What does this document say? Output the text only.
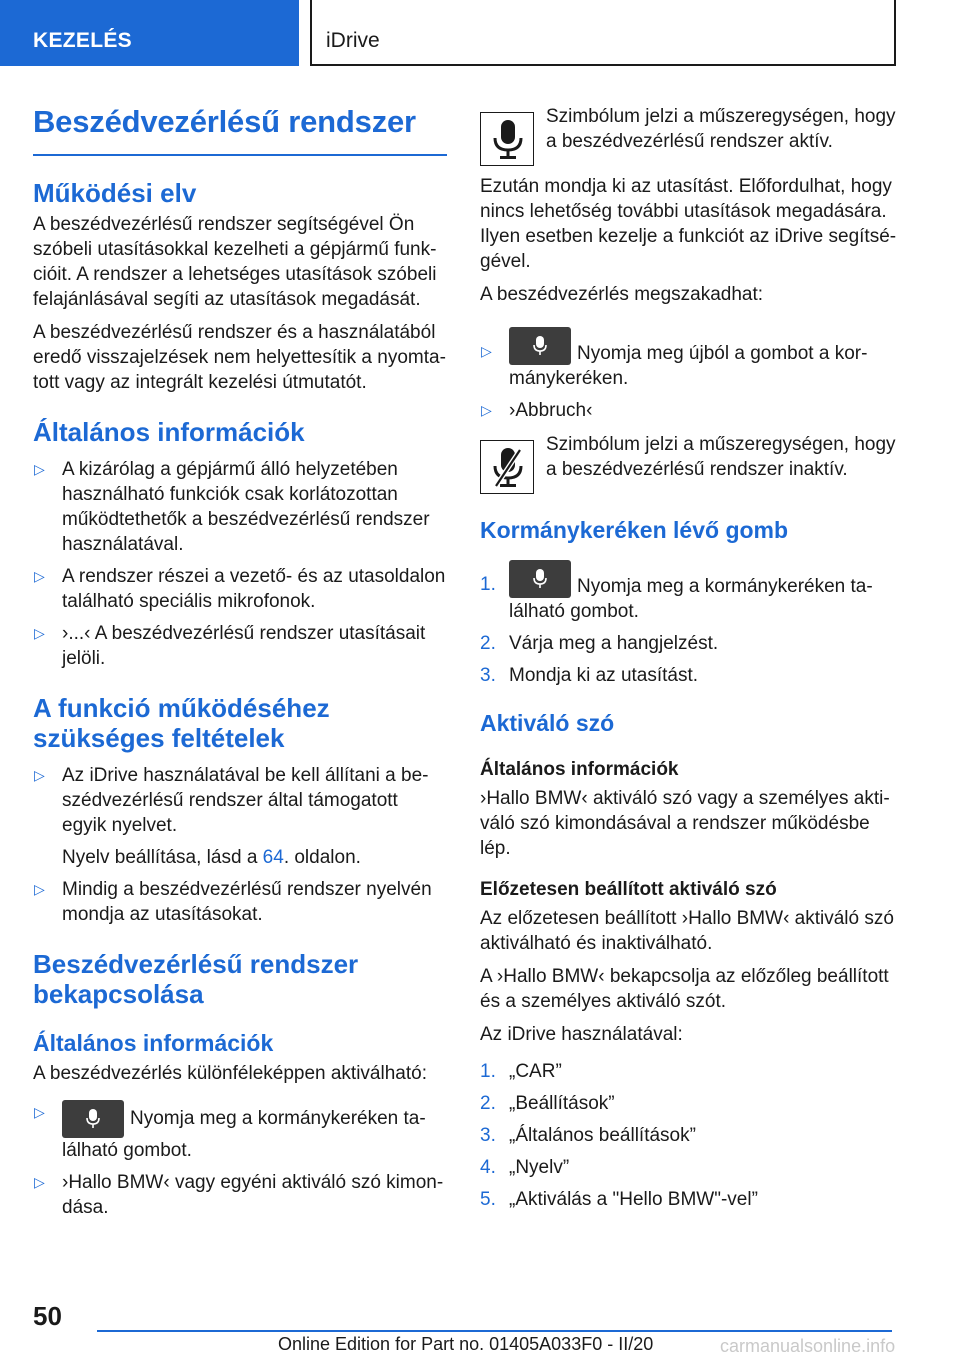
KEZELÉS	iDrive
Beszédvezérlésű rendszer
Működési elv

A beszédvezérlésű rendszer segítségével Ön szóbeli utasításokkal kezelheti a gépjármű funkcióit. A rendszer a lehetséges utasítások szóbeli felajánlásával segíti az utasítások megadását.

A beszédvezérlésű rendszer és a használatából eredő visszajelzések nem helyettesítik a nyomtatott vagy az integrált kezelési útmutatót.

Általános információk
▷ A kizárólag a gépjármű álló helyzetében használható funkciók csak korlátozottan működtethetők a beszédvezérlésű rendszer használatával.
▷ A rendszer részei a vezető- és az utasoldalon található speciális mikrofonok.
▷ ›...‹ A beszédvezérlésű rendszer utasításait jelöli.
A funkció működéséhez szükséges feltételek
▷ Az iDrive használatával be kell állítani a beszédvezérlésű rendszer által támogatott egyik nyelvet.
Nyelv beállítása, lásd a 64. oldalon.
▷ Mindig a beszédvezérlésű rendszer nyelvén mondja az utasításokat.
Beszédvezérlésű rendszer bekapcsolása
Általános információk

A beszédvezérlés különféleképpen aktiválható:

▷	Nyomja meg a kormánykeréken található gombot.
▷ ›Hallo BMW‹ vagy egyéni aktiváló szó kimondása.
Szimbólum jelzi a műszeregységen, hogy a beszédvezérlésű rendszer aktív.

Ezután mondja ki az utasítást. Előfordulhat, hogy nincs lehetőség további utasítások megadására. Ilyen esetben kezelje a funkciót az iDrive segítségével.

A beszédvezérlés megszakadhat:

▷	Nyomja meg újból a gombot a kormánykeréken.
▷ ›Abbruch‹
Szimbólum jelzi a műszeregységen, hogy a beszédvezérlésű rendszer inaktív.
Kormánykeréken lévő gomb
1.	Nyomja meg a kormánykeréken található gombot.
2. Várja meg a hangjelzést.
3. Mondja ki az utasítást.
Aktiváló szó
Általános információk

›Hallo BMW‹ aktiváló szó vagy a személyes aktiváló szó kimondásával a rendszer működésbe lép.

Előzetesen beállított aktiváló szó

Az előzetesen beállított ›Hallo BMW‹ aktiváló szó aktiválható és inaktiválható.

A ›Hallo BMW‹ bekapcsolja az előzőleg beállított és a személyes aktiváló szót.

Az iDrive használatával:

1. „CAR”
2. „Beállítások”
3. „Általános beállítások”
4. „Nyelv”
5. „Aktiválás a "Hello BMW"-vel”
50
Online Edition for Part no. 01405A033F0 - II/20	carmanualsonline.info
